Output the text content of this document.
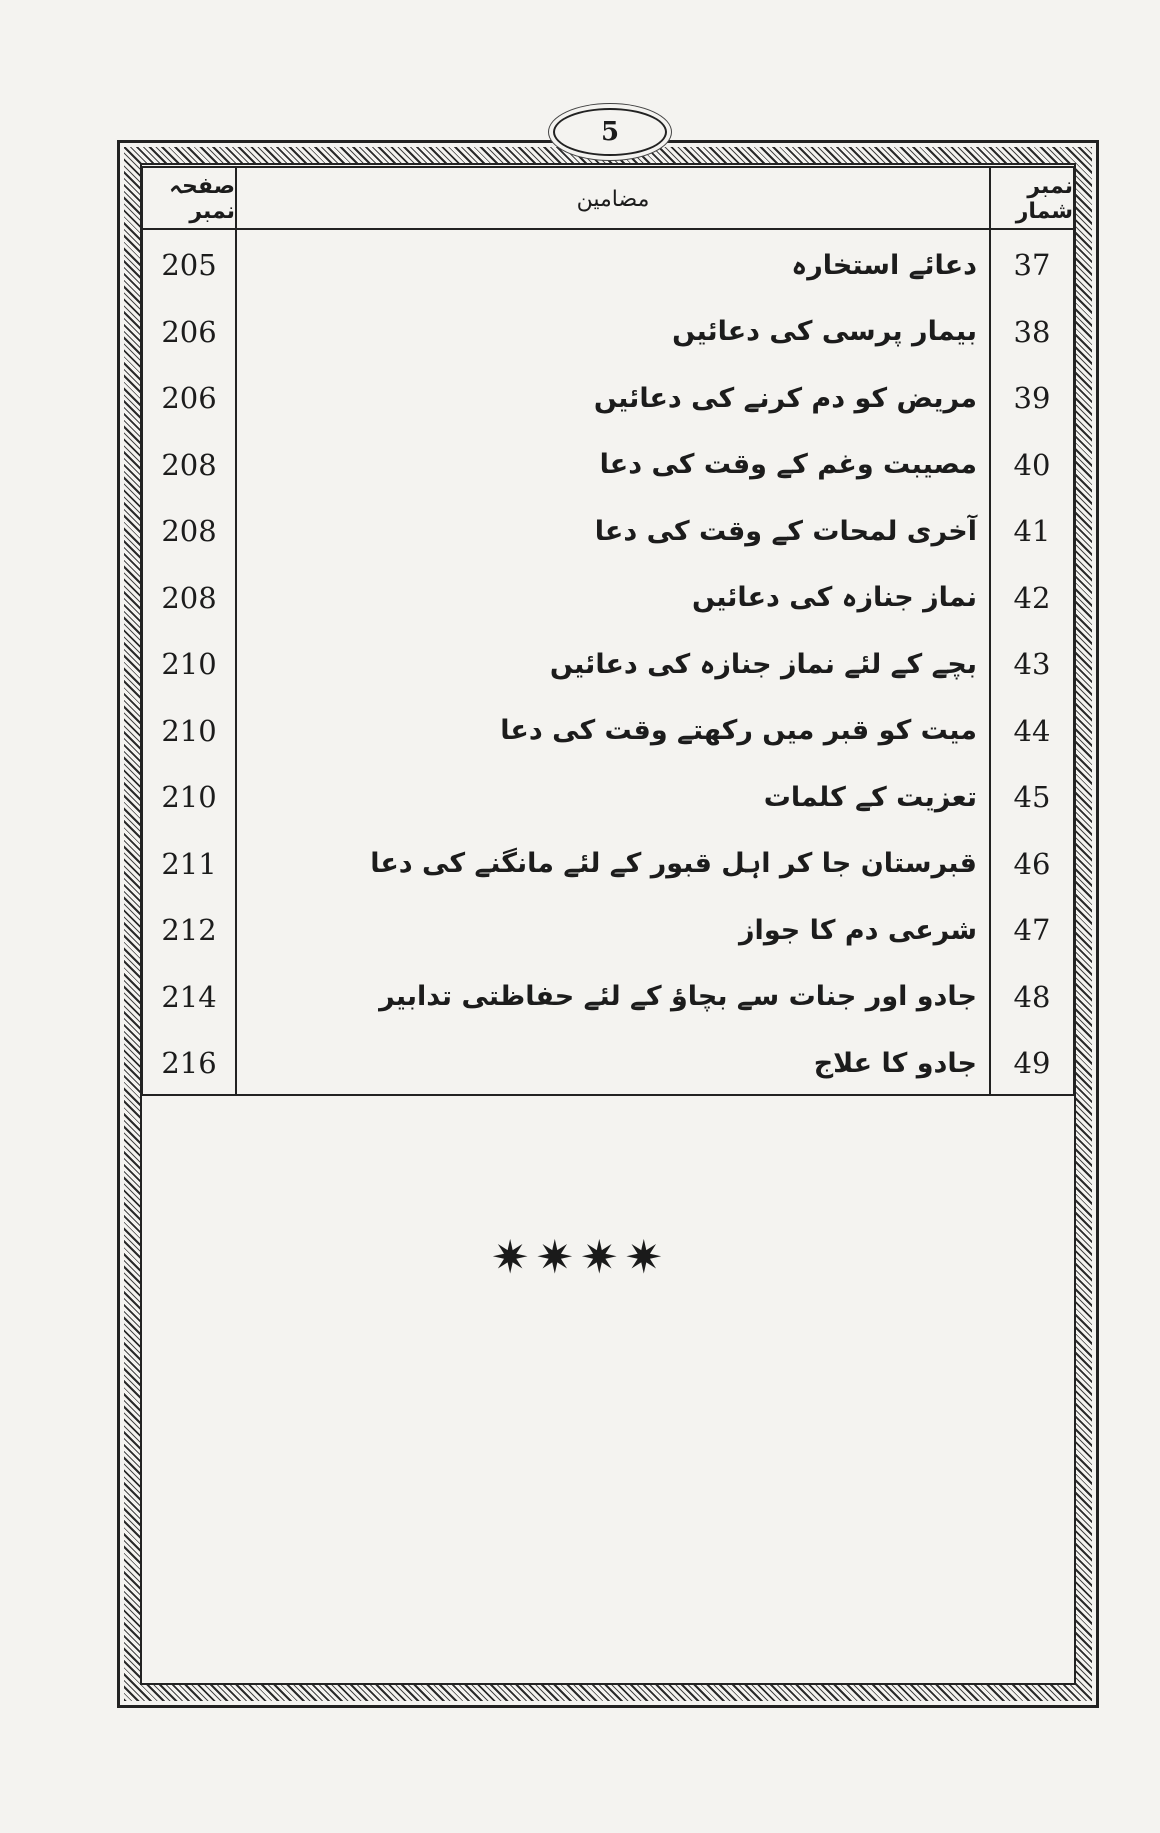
5
نمبر شمار
مضامین
صفحہ نمبر
37
دعائے استخارہ
205
38
بیمار پرسی کی دعائیں
206
39
مریض کو دم کرنے کی دعائیں
206
40
مصیبت وغم کے وقت کی دعا
208
41
آخری لمحات کے وقت کی دعا
208
42
نماز جنازہ کی دعائیں
208
43
بچے کے لئے نماز جنازہ کی دعائیں
210
44
میت کو قبر میں رکھتے وقت کی دعا
210
45
تعزیت کے کلمات
210
46
قبرستان جا کر اہل قبور کے لئے مانگنے کی دعا
211
47
شرعی دم کا جواز
212
48
جادو اور جنات سے بچاؤ کے لئے حفاظتی تدابیر
214
49
جادو کا علاج
216
✷✷✷✷
